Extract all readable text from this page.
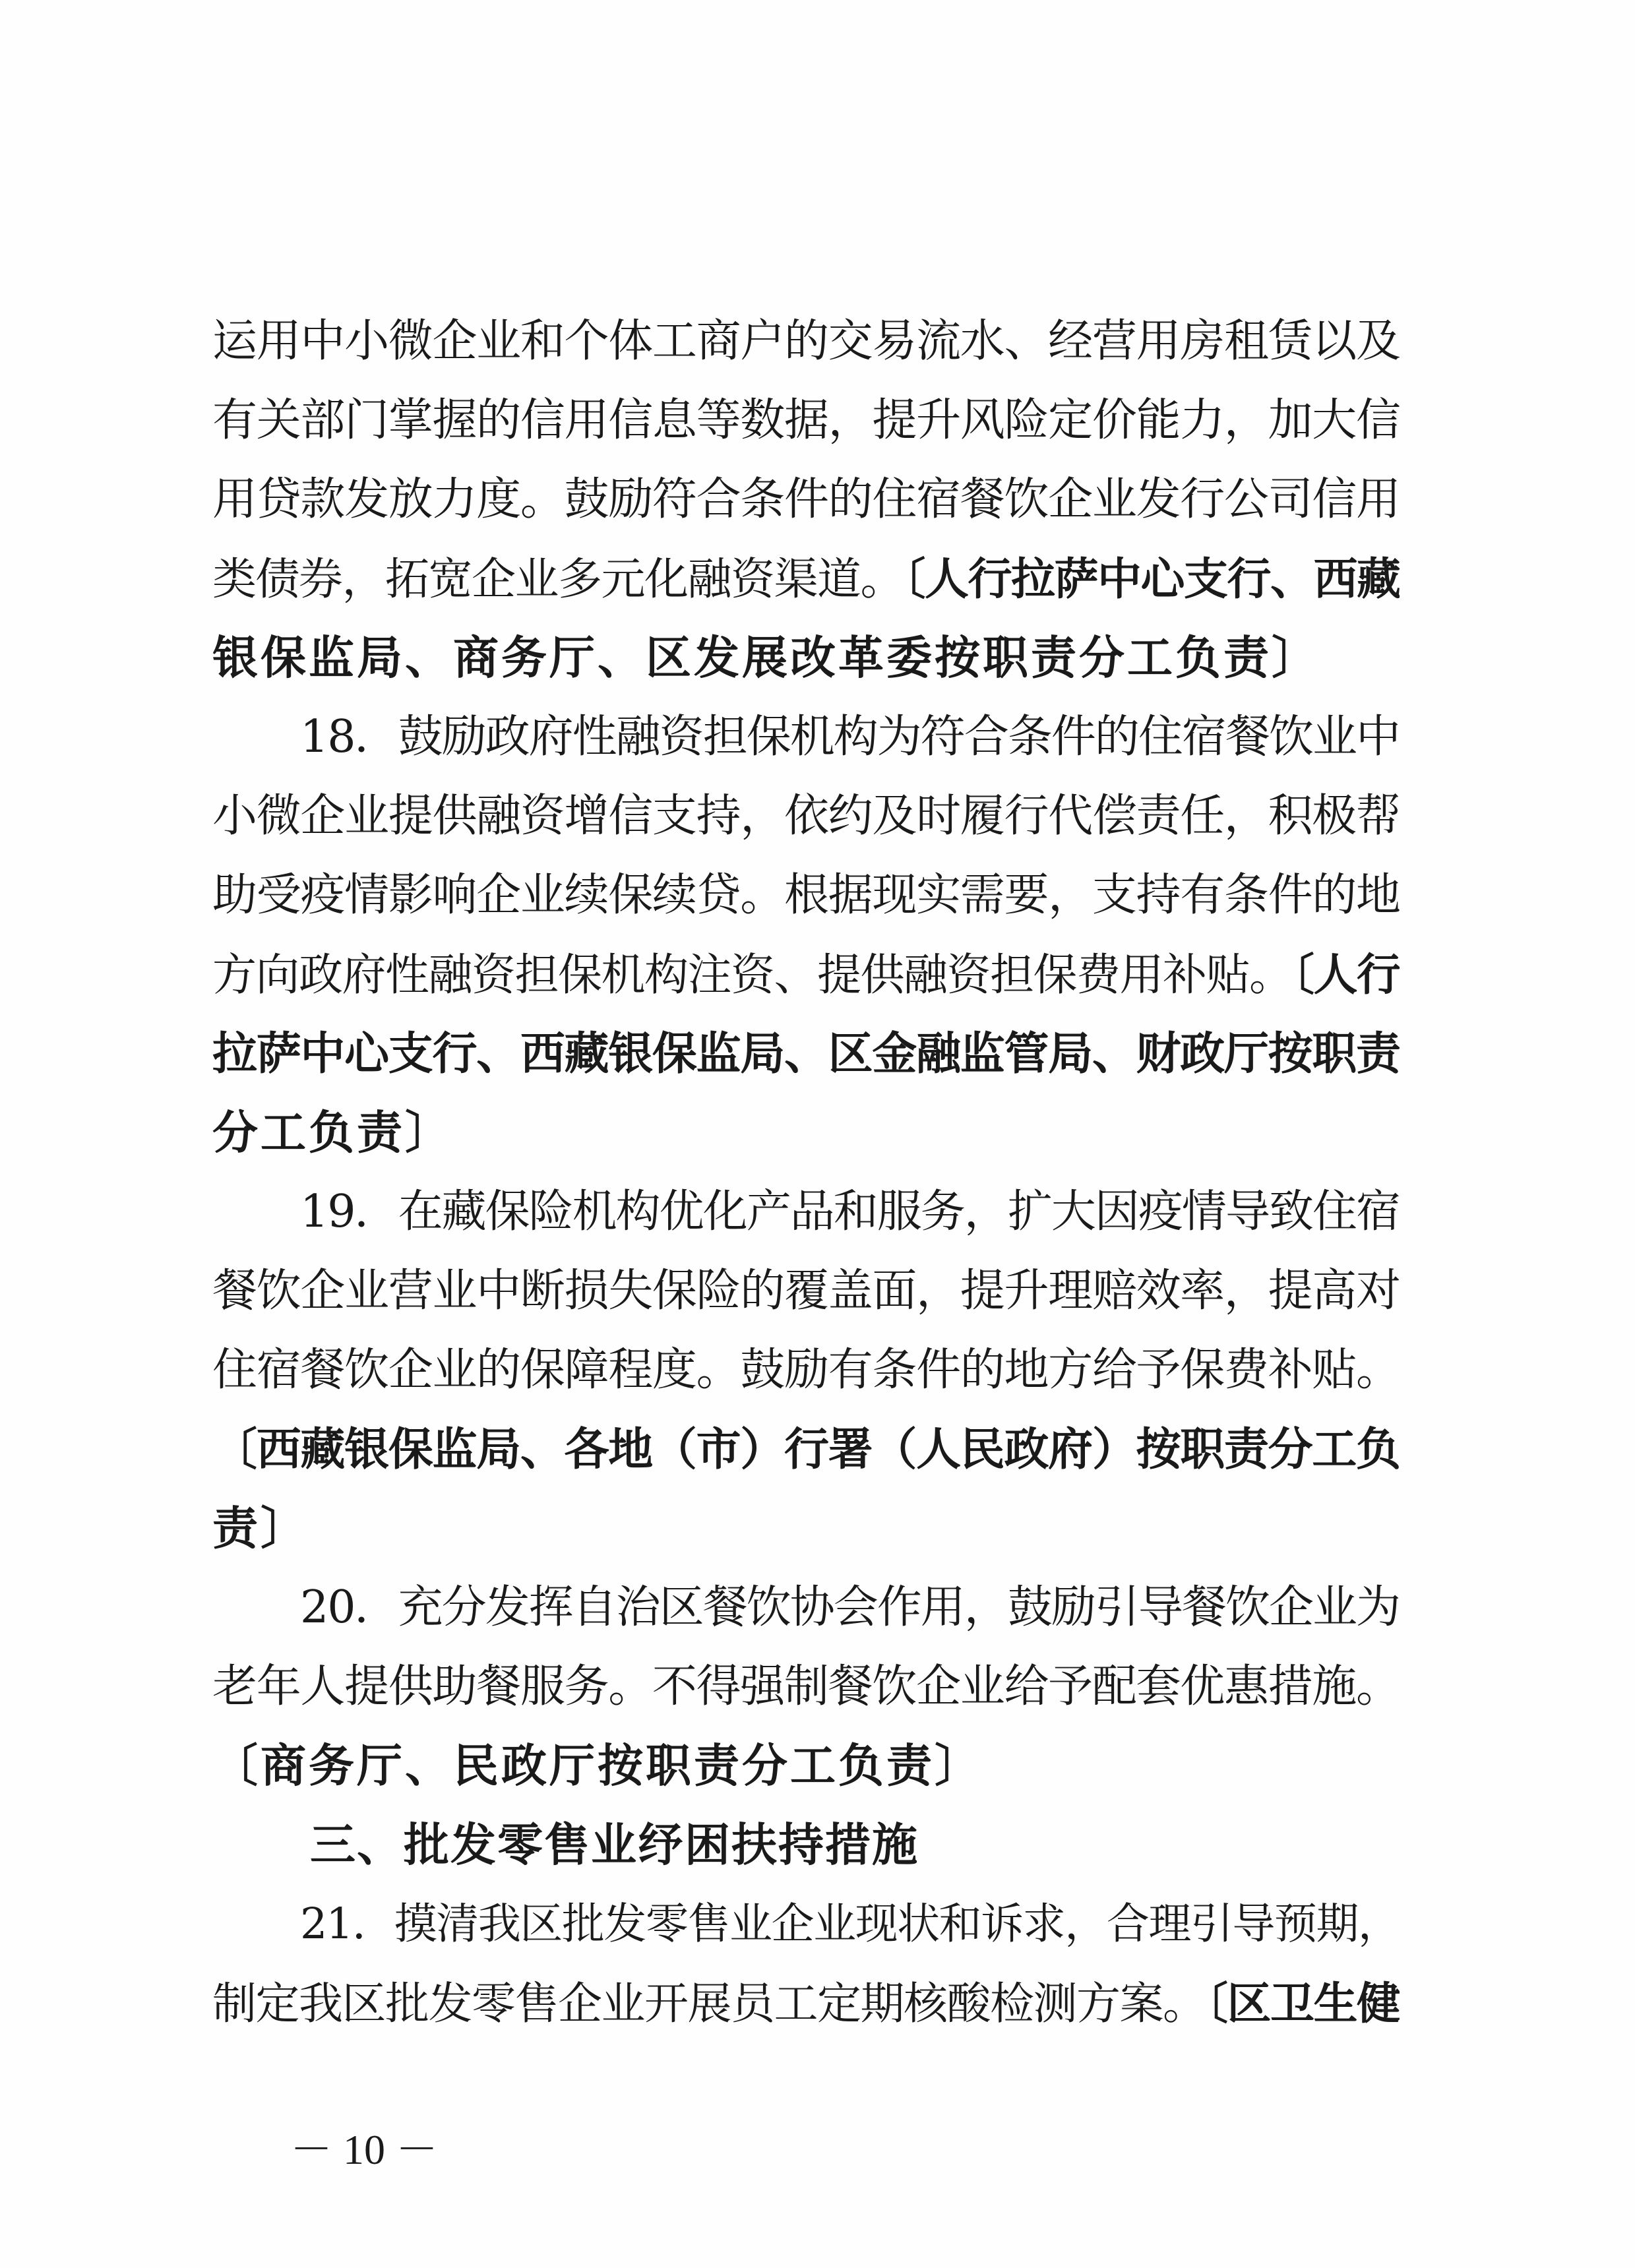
运用中小微企业和个体工商户的交易流水、经营用房租赁以及
有关部门掌握的信用信息等数据，提升风险定价能力，加大信
用贷款发放力度。鼓励符合条件的住宿餐饮企业发行公司信用
类债券，拓宽企业多元化融资渠道。〔人行拉萨中心支行、西藏
银保监局、商务厅、区发展改革委按职责分工负责〕
18．鼓励政府性融资担保机构为符合条件的住宿餐饮业中
小微企业提供融资增信支持，依约及时履行代偿责任，积极帮
助受疫情影响企业续保续贷。根据现实需要，支持有条件的地
方向政府性融资担保机构注资、提供融资担保费用补贴。〔人行
拉萨中心支行、西藏银保监局、区金融监管局、财政厅按职责
分工负责〕
19．在藏保险机构优化产品和服务，扩大因疫情导致住宿
餐饮企业营业中断损失保险的覆盖面，提升理赔效率，提高对
住宿餐饮企业的保障程度。鼓励有条件的地方给予保费补贴。
〔西藏银保监局、各地（市）行署（人民政府）按职责分工负
责〕
20．充分发挥自治区餐饮协会作用，鼓励引导餐饮企业为
老年人提供助餐服务。不得强制餐饮企业给予配套优惠措施。
〔商务厅、民政厅按职责分工负责〕
三、批发零售业纾困扶持措施
21．摸清我区批发零售业企业现状和诉求，合理引导预期，
制定我区批发零售企业开展员工定期核酸检测方案。〔区卫生健
－ 10 －
